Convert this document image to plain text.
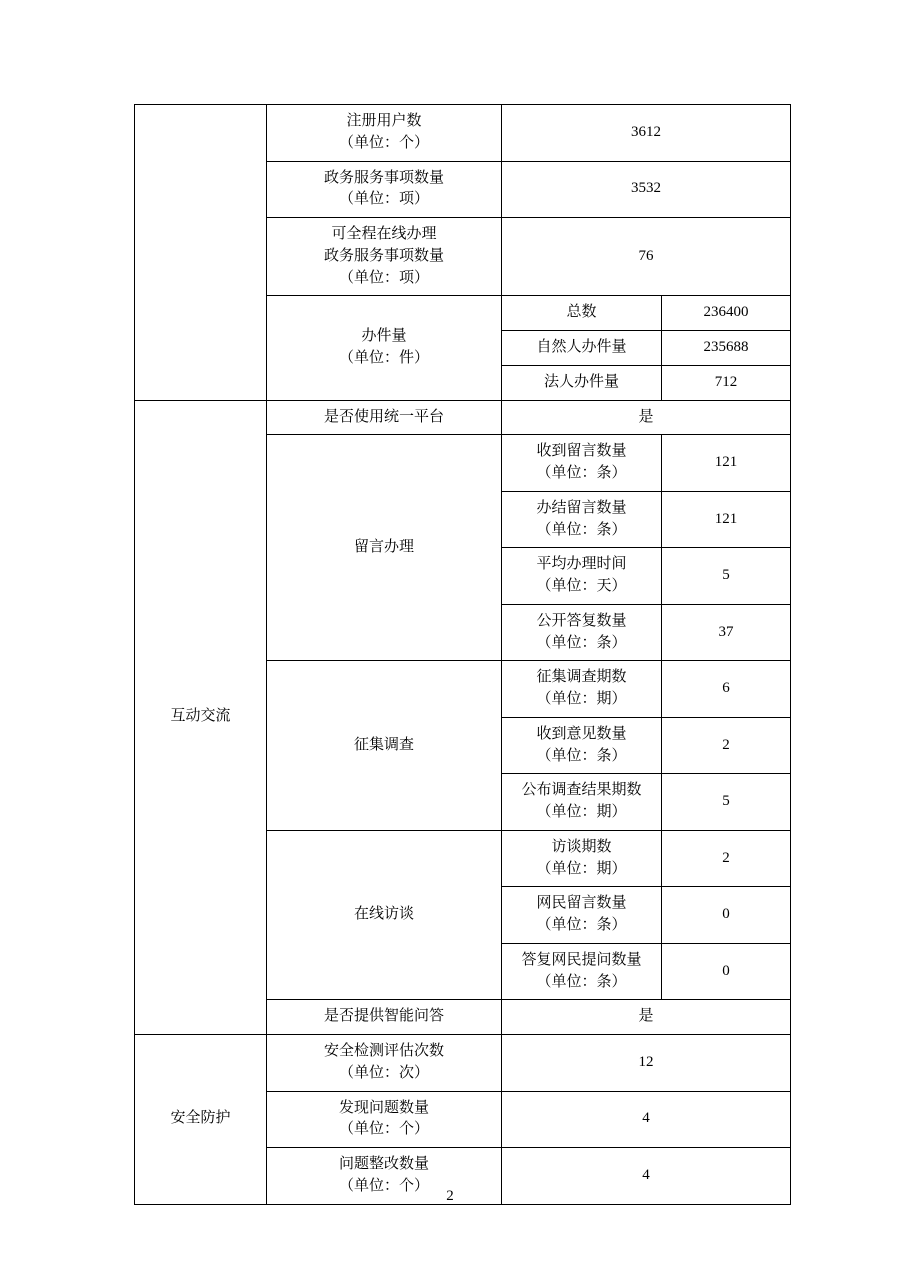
	注册用户数
（单位：个）	3612	

	政务服务事项数量
（单位：项）	3532	

	可全程在线办理
政务服务事项数量
（单位：项）	76	

	办件量
（单位：件）	总数	236400
		自然人办件量	235688
		法人办件量	712
互动交流	是否使用统一平台	是	
	留言办理	收到留言数量
（单位：条）	121

		办结留言数量
（单位：条）	121

		平均办理时间
（单位：天）	5

		公开答复数量
（单位：条）	37
	征集调查	征集调查期数
（单位：期）	6

		收到意见数量
（单位：条）	2

		公布调查结果期数
（单位：期）	5
	在线访谈	访谈期数
（单位：期）	2

		网民留言数量
（单位：条）	0

		答复网民提问数量
（单位：条）	0
	是否提供智能问答	是	
安全防护	安全检测评估次数
（单位：次）	12	

	发现问题数量
（单位：个）	4	

	问题整改数量
（单位：个）	4	
2
